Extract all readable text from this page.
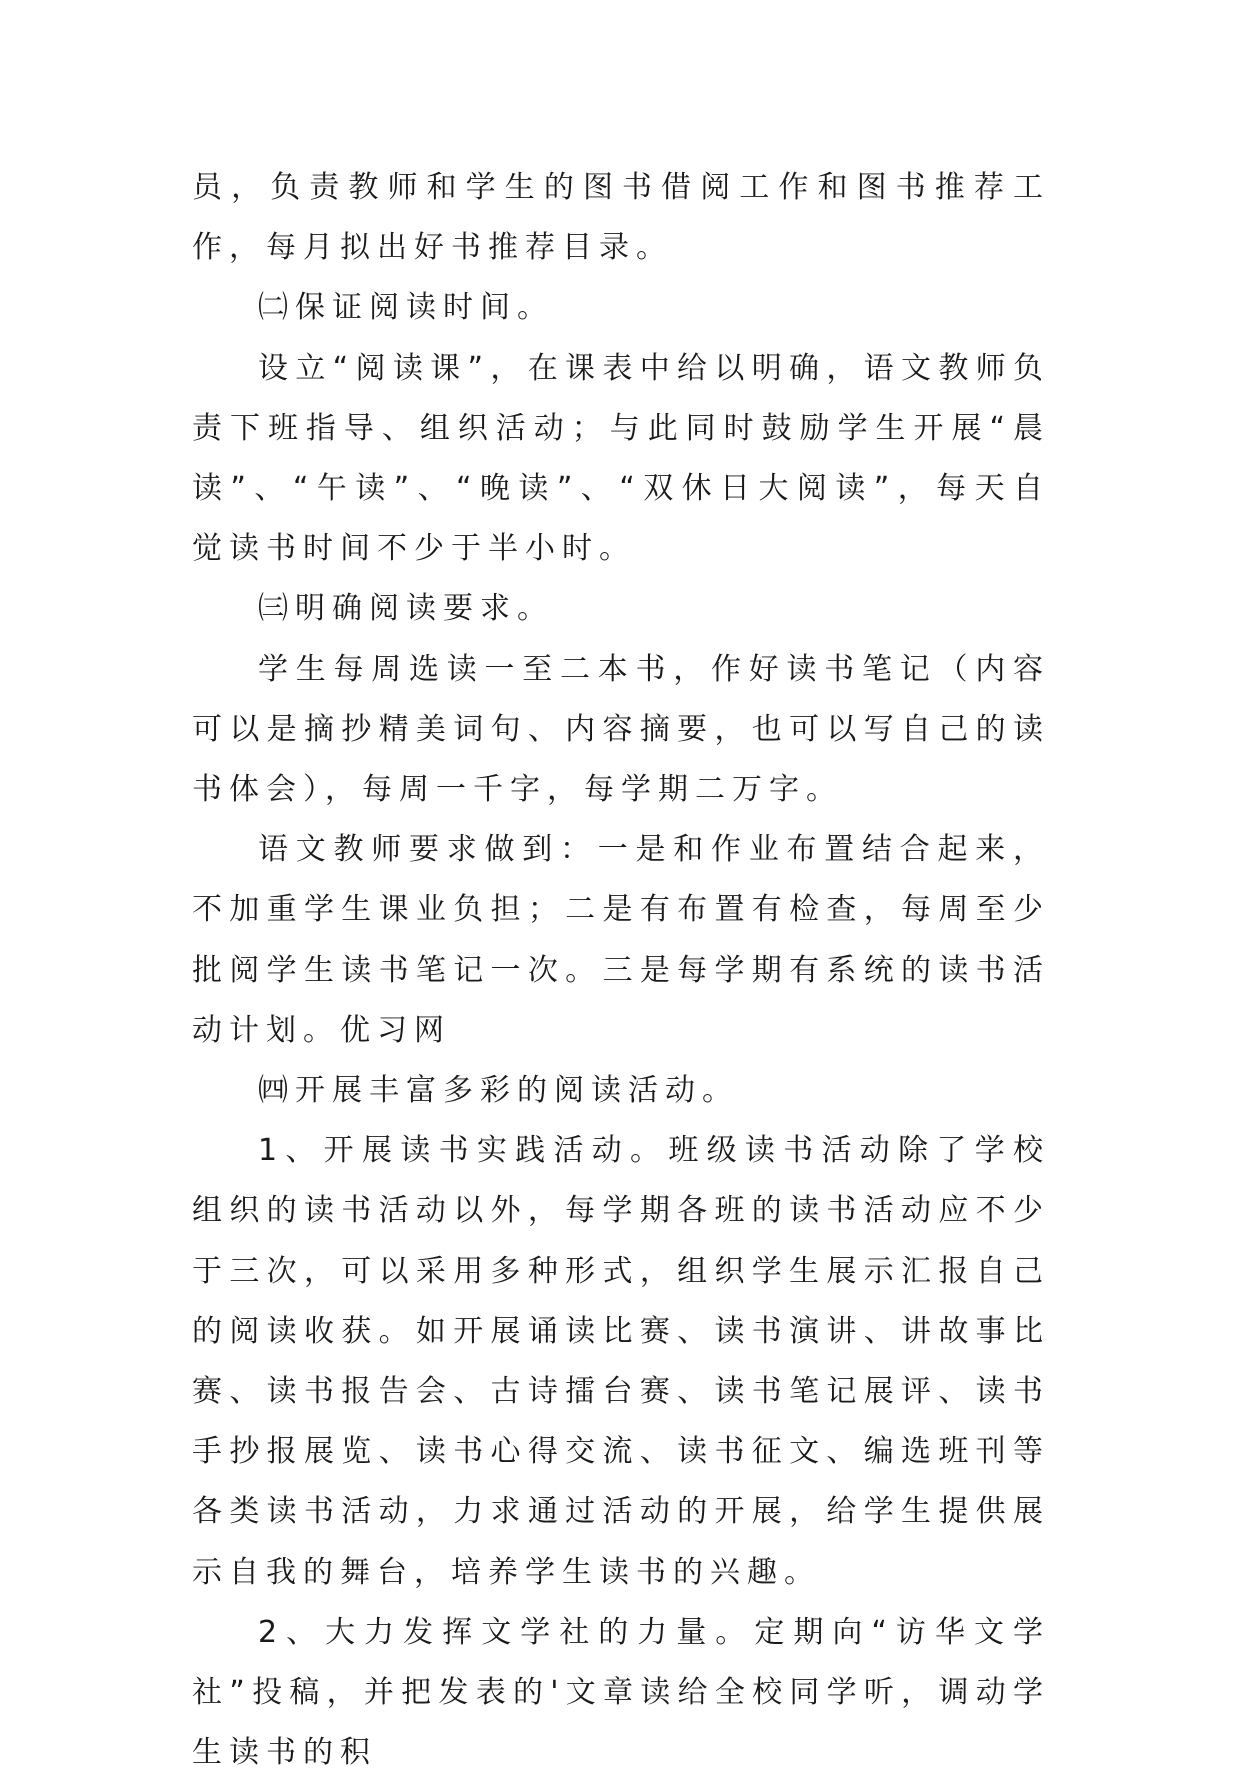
员，负责教师和学生的图书借阅工作和图书推荐工作，每月拟出好书推荐目录。

㈡保证阅读时间。

设立“阅读课”，在课表中给以明确，语文教师负责下班指导、组织活动；与此同时鼓励学生开展“晨读”、“午读”、“晚读”、“双休日大阅读”，每天自觉读书时间不少于半小时。

㈢明确阅读要求。

学生每周选读一至二本书，作好读书笔记（内容可以是摘抄精美词句、内容摘要，也可以写自己的读书体会），每周一千字，每学期二万字。

语文教师要求做到：一是和作业布置结合起来，不加重学生课业负担；二是有布置有检查，每周至少批阅学生读书笔记一次。三是每学期有系统的读书活动计划。优习网

㈣开展丰富多彩的阅读活动。

1、开展读书实践活动。班级读书活动除了学校组织的读书活动以外，每学期各班的读书活动应不少于三次，可以采用多种形式，组织学生展示汇报自己的阅读收获。如开展诵读比赛、读书演讲、讲故事比赛、读书报告会、古诗擂台赛、读书笔记展评、读书手抄报展览、读书心得交流、读书征文、编选班刊等各类读书活动，力求通过活动的开展，给学生提供展示自我的舞台，培养学生读书的兴趣。

2、大力发挥文学社的力量。定期向“访华文学社”投稿，并把发表的'文章读给全校同学听，调动学生读书的积
